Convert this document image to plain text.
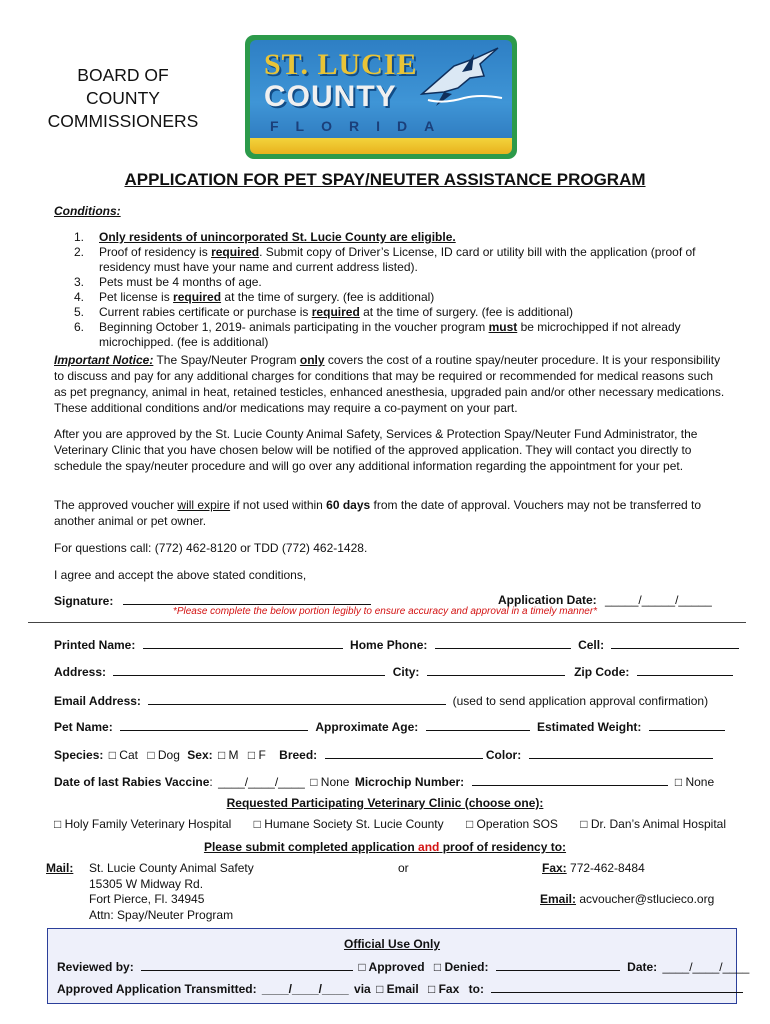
BOARD OF
COUNTY
COMMISSIONERS
ST. LUCIE
COUNTY
FLORIDA
APPLICATION FOR PET SPAY/NEUTER ASSISTANCE PROGRAM
Conditions:
1. Only residents of unincorporated St. Lucie County are eligible.
2. Proof of residency is required. Submit copy of Driver’s License, ID card or utility bill with the application (proof of residency must have your name and current address listed).
3. Pets must be 4 months of age.
4. Pet license is required at the time of surgery. (fee is additional)
5. Current rabies certificate or purchase is required at the time of surgery. (fee is additional)
6. Beginning October 1, 2019- animals participating in the voucher program must be microchipped if not already microchipped. (fee is additional)
Important Notice: The Spay/Neuter Program only covers the cost of a routine spay/neuter procedure. It is your responsibility to discuss and pay for any additional charges for conditions that may be required or recommended for medical reasons such as pet pregnancy, animal in heat, retained testicles, enhanced anesthesia, upgraded pain and/or other necessary medications. These additional conditions and/or medications may require a co-payment on your part.
After you are approved by the St. Lucie County Animal Safety, Services & Protection Spay/Neuter Fund Administrator, the Veterinary Clinic that you have chosen below will be notified of the approved application. They will contact you directly to schedule the spay/neuter procedure and will go over any additional information regarding the appointment for your pet.
The approved voucher will expire if not used within 60 days from the date of approval. Vouchers may not be transferred to another animal or pet owner.
For questions call: (772) 462-8120 or TDD (772) 462-1428.
I agree and accept the above stated conditions,
Signature:	Application Date: _____/_____/_____
*Please complete the below portion legibly to ensure accuracy and approval in a timely manner*
Printed Name:	Home Phone:	Cell:
Address:	City:	Zip Code:
Email Address:	(used to send application approval confirmation)
Pet Name:	Approximate Age:	Estimated Weight:
Species: □ Cat □ Dog Sex: □ M □ F Breed:	Color:
Date of last Rabies Vaccine: ____/____/____ □ None Microchip Number:	□ None
Requested Participating Veterinary Clinic (choose one):
□ Holy Family Veterinary Hospital □ Humane Society St. Lucie County □ Operation SOS □ Dr. Dan’s Animal Hospital
Please submit completed application and proof of residency to:
Mail: St. Lucie County Animal Safety
15305 W Midway Rd.
Fort Pierce, Fl. 34945
Attn: Spay/Neuter Program
or	Fax: 772-462-8484
Email: acvoucher@stlucieco.org
Official Use Only
Reviewed by:	□ Approved □ Denied:	Date: ____/____/____
Approved Application Transmitted: ____/____/____ via □ Email □ Fax to:
